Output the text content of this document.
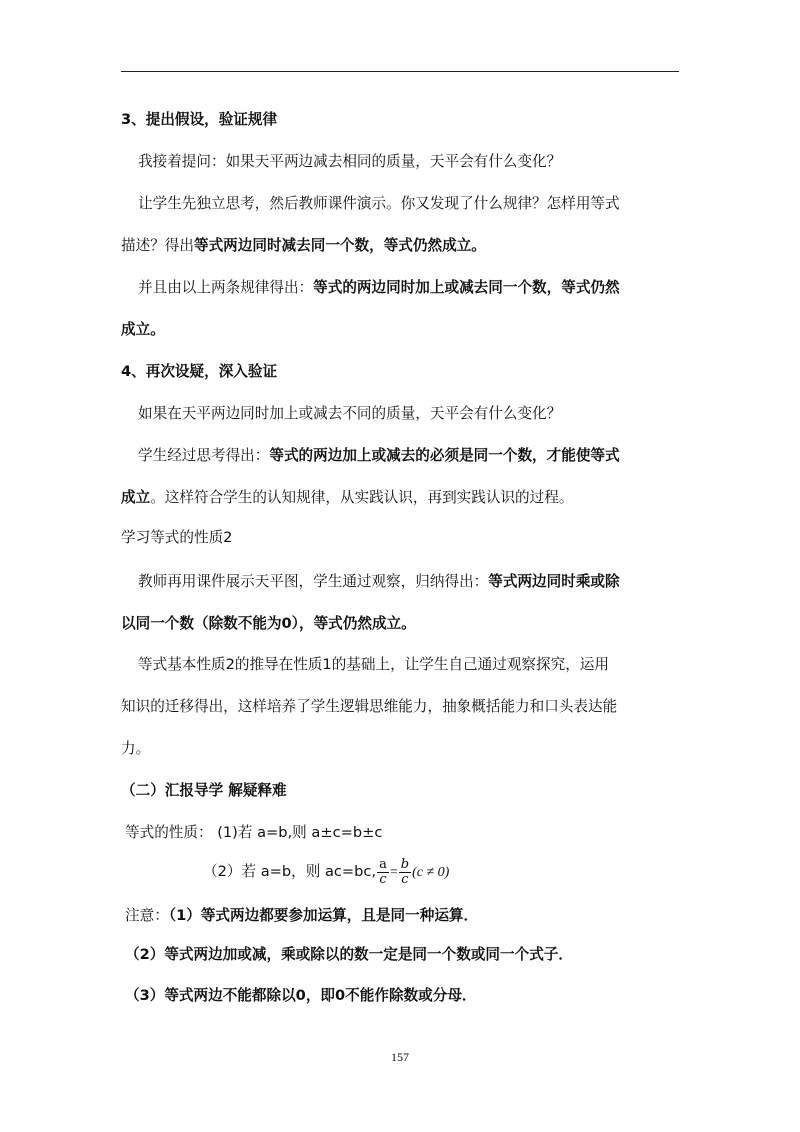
3、提出假设，验证规律
我接着提问：如果天平两边减去相同的质量，天平会有什么变化？
让学生先独立思考，然后教师课件演示。你又发现了什么规律？怎样用等式
描述？得出等式两边同时减去同一个数，等式仍然成立。
并且由以上两条规律得出：等式的两边同时加上或减去同一个数，等式仍然
成立。
4、再次设疑，深入验证
如果在天平两边同时加上或减去不同的质量，天平会有什么变化？
学生经过思考得出：等式的两边加上或减去的必须是同一个数，才能使等式
成立。这样符合学生的认知规律，从实践认识，再到实践认识的过程。
学习等式的性质2
教师再用课件展示天平图，学生通过观察，归纳得出：等式两边同时乘或除
以同一个数（除数不能为0），等式仍然成立。
等式基本性质2的推导在性质1的基础上，让学生自己通过观察探究，运用
知识的迁移得出，这样培养了学生逻辑思维能力，抽象概括能力和口头表达能
力。
（二）汇报导学 解疑释难
等式的性质： (1)若 a=b,则 a±c=b±c
（2）若 a=b，则 ac=bc, $\frac{a}{c} = \frac{b}{c} (c \ne 0)$
注意：（1）等式两边都要参加运算，且是同一种运算．
（2）等式两边加或减，乘或除以的数一定是同一个数或同一个式子．
（3）等式两边不能都除以0，即0不能作除数或分母．
157
